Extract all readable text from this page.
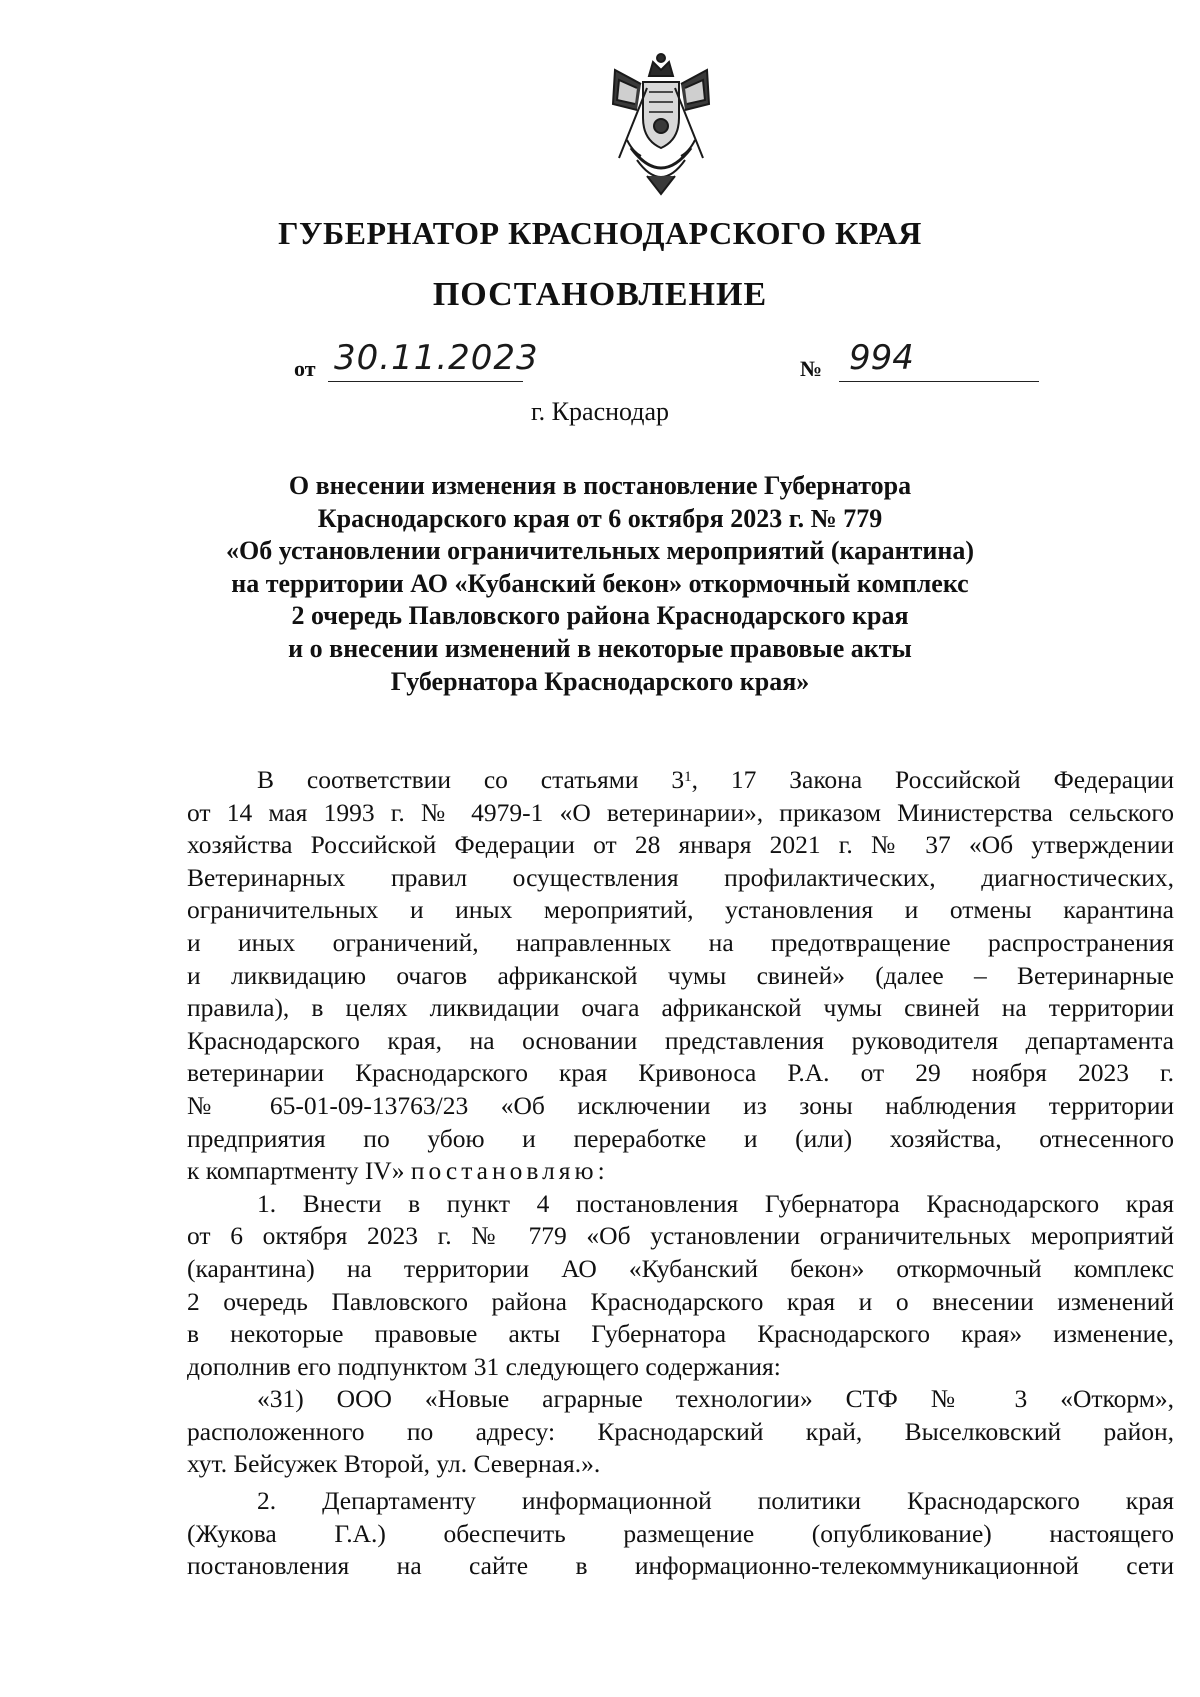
ГУБЕРНАТОР КРАСНОДАРСКОГО КРАЯ
ПОСТАНОВЛЕНИЕ
от 30.11.2023	№ 994
г. Краснодар
О внесении изменения в постановление Губернатора
Краснодарского края от 6 октября 2023 г. № 779
«Об установлении ограничительных мероприятий (карантина)
на территории АО «Кубанский бекон» откормочный комплекс
2 очередь Павловского района Краснодарского края
и о внесении изменений в некоторые правовые акты
Губернатора Краснодарского края»
В соответствии со статьями $3^1$, 17 Закона Российской Федерации
от 14 мая 1993 г. № 4979-1 «О ветеринарии», приказом Министерства сельского
хозяйства Российской Федерации от 28 января 2021 г. № 37 «Об утверждении
Ветеринарных правил осуществления профилактических, диагностических,
ограничительных и иных мероприятий, установления и отмены карантина
и иных ограничений, направленных на предотвращение распространения
и ликвидацию очагов африканской чумы свиней» (далее – Ветеринарные
правила), в целях ликвидации очага африканской чумы свиней на территории
Краснодарского края, на основании представления руководителя департамента
ветеринарии Краснодарского края Кривоноса Р.А. от 29 ноября 2023 г.
№ 65-01-09-13763/23 «Об исключении из зоны наблюдения территории
предприятия по убою и переработке и (или) хозяйства, отнесенного
к компартменту IV» постановляю:
1. Внести в пункт 4 постановления Губернатора Краснодарского края
от 6 октября 2023 г. № 779 «Об установлении ограничительных мероприятий
(карантина) на территории АО «Кубанский бекон» откормочный комплекс
2 очередь Павловского района Краснодарского края и о внесении изменений
в некоторые правовые акты Губернатора Краснодарского края» изменение,
дополнив его подпунктом 31 следующего содержания:
«31) ООО «Новые аграрные технологии» СТФ № 3 «Откорм»,
расположенного по адресу: Краснодарский край, Выселковский район,
хут. Бейсужек Второй, ул. Северная.».
2. Департаменту информационной политики Краснодарского края
(Жукова Г.А.) обеспечить размещение (опубликование) настоящего
постановления на сайте в информационно-телекоммуникационной сети
